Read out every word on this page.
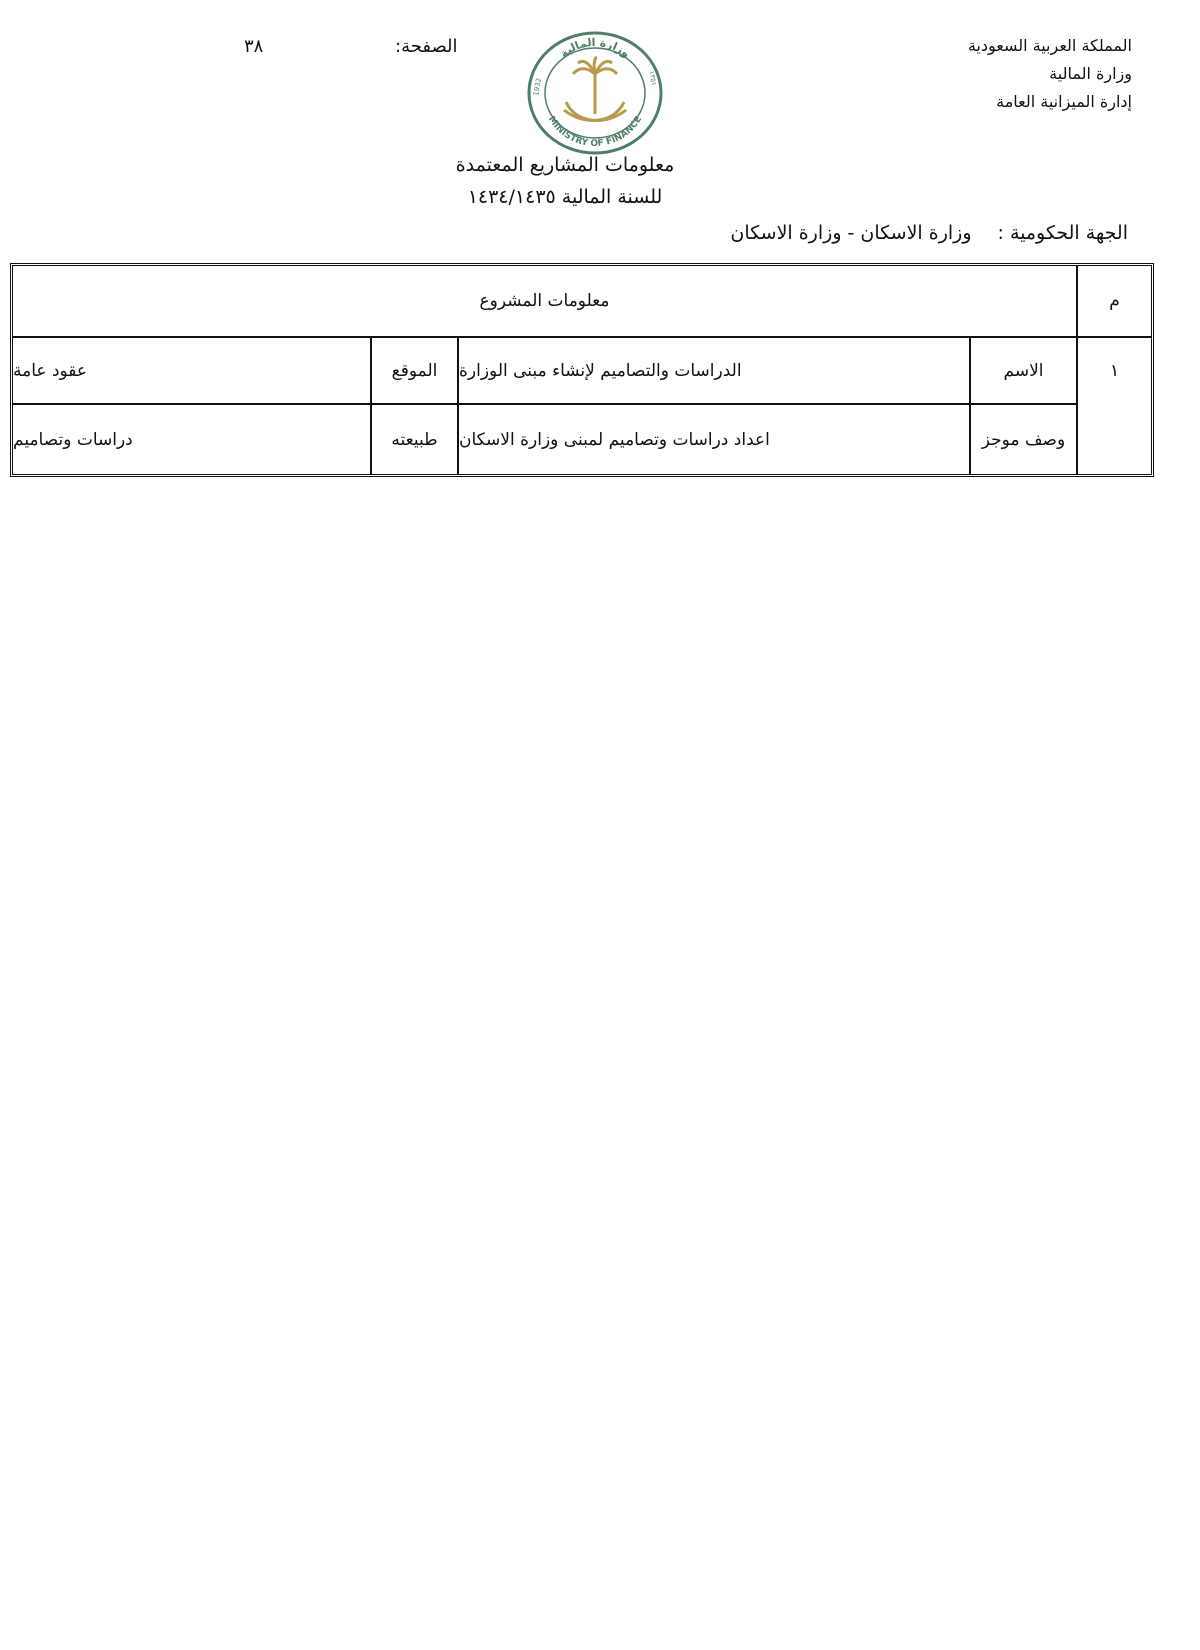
المملكة العربية السعودية
وزارة المالية
إدارة الميزانية العامة
الصفحة:
٣٨	وزارة المالية
MINISTRY OF FINANCE
1932	١٣٥١
معلومات المشاريع المعتمدة
للسنة المالية ١٤٣٤/١٤٣٥
الجهة الحكومية :وزارة الاسكان - وزارة الاسكان
م
معلومات المشروع
١
الاسم
الدراسات والتصاميم لإنشاء مبنى الوزارة
الموقع
عقود عامة
وصف موجز
اعداد دراسات وتصاميم لمبنى وزارة الاسكان
طبيعته
دراسات وتصاميم
